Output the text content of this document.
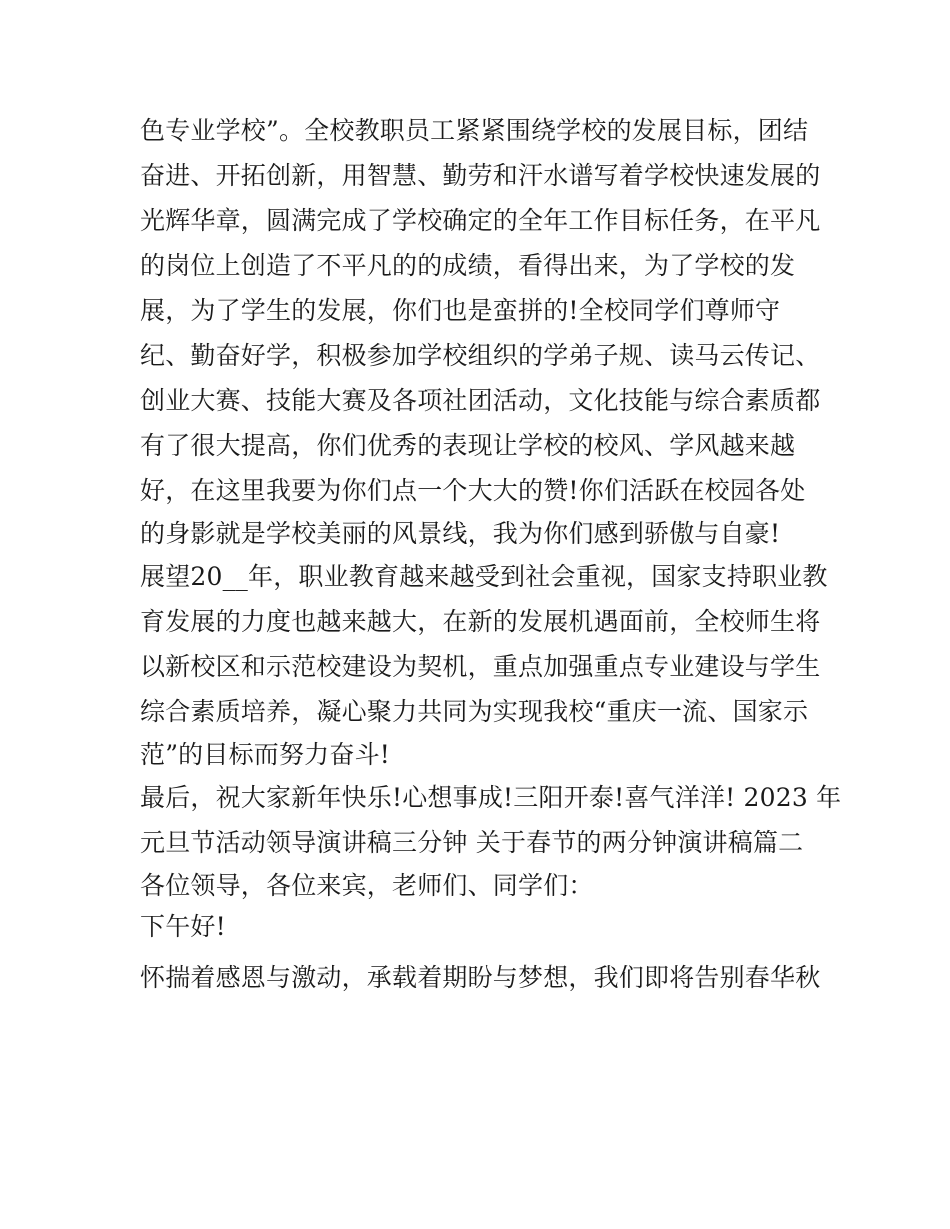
色专业学校”。全校教职员工紧紧围绕学校的发展目标，团结
奋进、开拓创新，用智慧、勤劳和汗水谱写着学校快速发展的
光辉华章，圆满完成了学校确定的全年工作目标任务，在平凡
的岗位上创造了不平凡的的成绩，看得出来，为了学校的发
展，为了学生的发展，你们也是蛮拼的!全校同学们尊师守
纪、勤奋好学，积极参加学校组织的学弟子规、读马云传记、
创业大赛、技能大赛及各项社团活动，文化技能与综合素质都
有了很大提高，你们优秀的表现让学校的校风、学风越来越
好，在这里我要为你们点一个大大的赞!你们活跃在校园各处
的身影就是学校美丽的风景线，我为你们感到骄傲与自豪!
展望20__年，职业教育越来越受到社会重视，国家支持职业教
育发展的力度也越来越大，在新的发展机遇面前，全校师生将
以新校区和示范校建设为契机，重点加强重点专业建设与学生
综合素质培养，凝心聚力共同为实现我校“重庆一流、国家示
范”的目标而努力奋斗!
最后，祝大家新年快乐!心想事成!三阳开泰!喜气洋洋! 2023 年
元旦节活动领导演讲稿三分钟 关于春节的两分钟演讲稿篇二
各位领导，各位来宾，老师们、同学们：
下午好!
怀揣着感恩与激动，承载着期盼与梦想，我们即将告别春华秋
